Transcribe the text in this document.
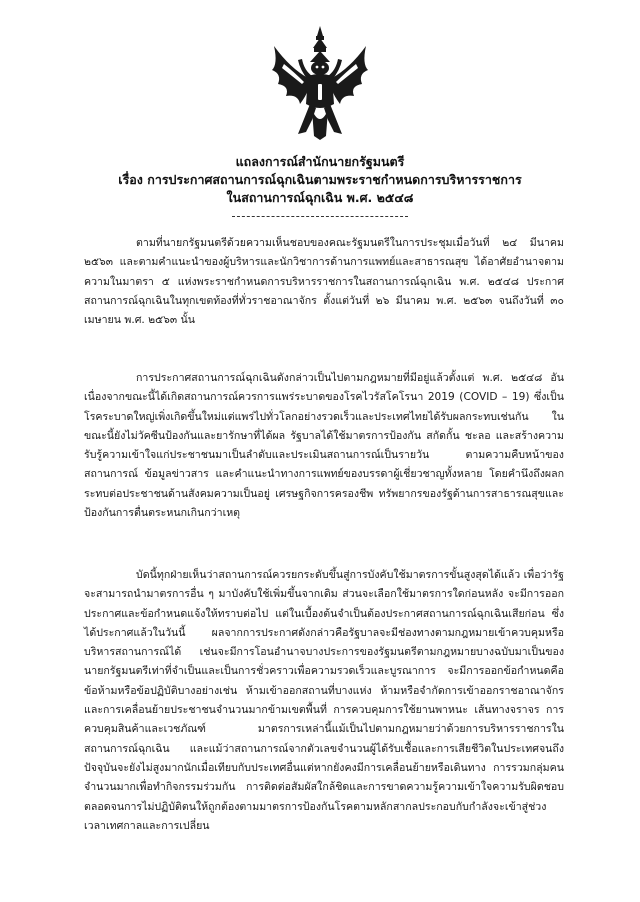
แถลงการณ์สำนักนายกรัฐมนตรี
เรื่อง การประกาศสถานการณ์ฉุกเฉินตามพระราชกำหนดการบริหารราชการ
ในสถานการณ์ฉุกเฉิน พ.ศ. ๒๕๔๘

ตามที่นายกรัฐมนตรีด้วยความเห็นชอบของคณะรัฐมนตรีในการประชุมเมื่อวันที่ ๒๔ มีนาคม ๒๕๖๓ และตามคำแนะนำของผู้บริหารและนักวิชาการด้านการแพทย์และสาธารณสุข ได้อาศัยอำนาจตามความในมาตรา ๕ แห่งพระราชกำหนดการบริหารราชการในสถานการณ์ฉุกเฉิน พ.ศ. ๒๕๔๘ ประกาศสถานการณ์ฉุกเฉินในทุกเขตท้องที่ทั่วราชอาณาจักร ตั้งแต่วันที่ ๒๖ มีนาคม พ.ศ. ๒๕๖๓ จนถึงวันที่ ๓๐ เมษายน พ.ศ. ๒๕๖๓ นั้น

การประกาศสถานการณ์ฉุกเฉินดังกล่าวเป็นไปตามกฎหมายที่มีอยู่แล้วตั้งแต่ พ.ศ. ๒๕๔๘ อันเนื่องจากขณะนี้ได้เกิดสถานการณ์ควรการแพร่ระบาดของโรคไวรัสโคโรนา 2019 (COVID – 19) ซึ่งเป็นโรคระบาดใหญ่เพิ่งเกิดขึ้นใหม่แต่แพร่ไปทั่วโลกอย่างรวดเร็วและประเทศไทยได้รับผลกระทบเช่นกัน ในขณะนี้ยังไม่วัคซีนป้องกันและยารักษาที่ได้ผล รัฐบาลได้ใช้มาตรการป้องกัน สกัดกั้น ชะลอ และสร้างความรับรู้ความเข้าใจแก่ประชาชนมาเป็นลำดับและประเมินสถานการณ์เป็นรายวัน ตามความคืบหน้าของสถานการณ์ ข้อมูลข่าวสาร และคำแนะนำทางการแพทย์ของบรรดาผู้เชี่ยวชาญทั้งหลาย โดยคำนึงถึงผลกระทบต่อประชาชนด้านสังคมความเป็นอยู่ เศรษฐกิจการครองชีพ ทรัพยากรของรัฐด้านการสาธารณสุขและป้องกันการตื่นตระหนกเกินกว่าเหตุ

บัดนี้ทุกฝ่ายเห็นว่าสถานการณ์ควรยกระดับขึ้นสู่การบังคับใช้มาตรการขั้นสูงสุดได้แล้ว เพื่อว่ารัฐจะสามารถนำมาตรการอื่น ๆ มาบังคับใช้เพิ่มขึ้นจากเดิม ส่วนจะเลือกใช้มาตรการใดก่อนหลัง จะมีการออกประกาศและข้อกำหนดแจ้งให้ทราบต่อไป แต่ในเบื้องต้นจำเป็นต้องประกาศสถานการณ์ฉุกเฉินเสียก่อน ซึ่งได้ประกาศแล้วในวันนี้ ผลจากการประกาศดังกล่าวคือรัฐบาลจะมีช่องทางตามกฎหมายเข้าควบคุมหรือบริหารสถานการณ์ได้ เช่นจะมีการโอนอำนาจบางประการของรัฐมนตรีตามกฎหมายบางฉบับมาเป็นของนายกรัฐมนตรีเท่าที่จำเป็นและเป็นการชั่วคราวเพื่อความรวดเร็วและบูรณาการ จะมีการออกข้อกำหนดคือข้อห้ามหรือข้อปฏิบัติบางอย่างเช่น ห้ามเข้าออกสถานที่บางแห่ง ห้ามหรือจำกัดการเข้าออกราชอาณาจักรและการเคลื่อนย้ายประชาชนจำนวนมากข้ามเขตพื้นที่ การควบคุมการใช้ยานพาหนะ เส้นทางจราจร การควบคุมสินค้าและเวชภัณฑ์ มาตรการเหล่านี้แม้เป็นไปตามกฎหมายว่าด้วยการบริหารราชการในสถานการณ์ฉุกเฉิน และแม้ว่าสถานการณ์จากตัวเลขจำนวนผู้ได้รับเชื้อและการเสียชีวิตในประเทศจนถึงปัจจุบันจะยังไม่สูงมากนักเมื่อเทียบกับประเทศอื่นแต่หากยังคงมีการเคลื่อนย้ายหรือเดินทาง การรวมกลุ่มคนจำนวนมากเพื่อทำกิจกรรมร่วมกัน การติดต่อสัมผัสใกล้ชิดและการขาดความรู้ความเข้าใจความรับผิดชอบ ตลอดจนการไม่ปฏิบัติตนให้ถูกต้องตามมาตรการป้องกันโรคตามหลักสากลประกอบกับกำลังจะเข้าสู่ช่วงเวลาเทศกาลและการเปลี่ยน
